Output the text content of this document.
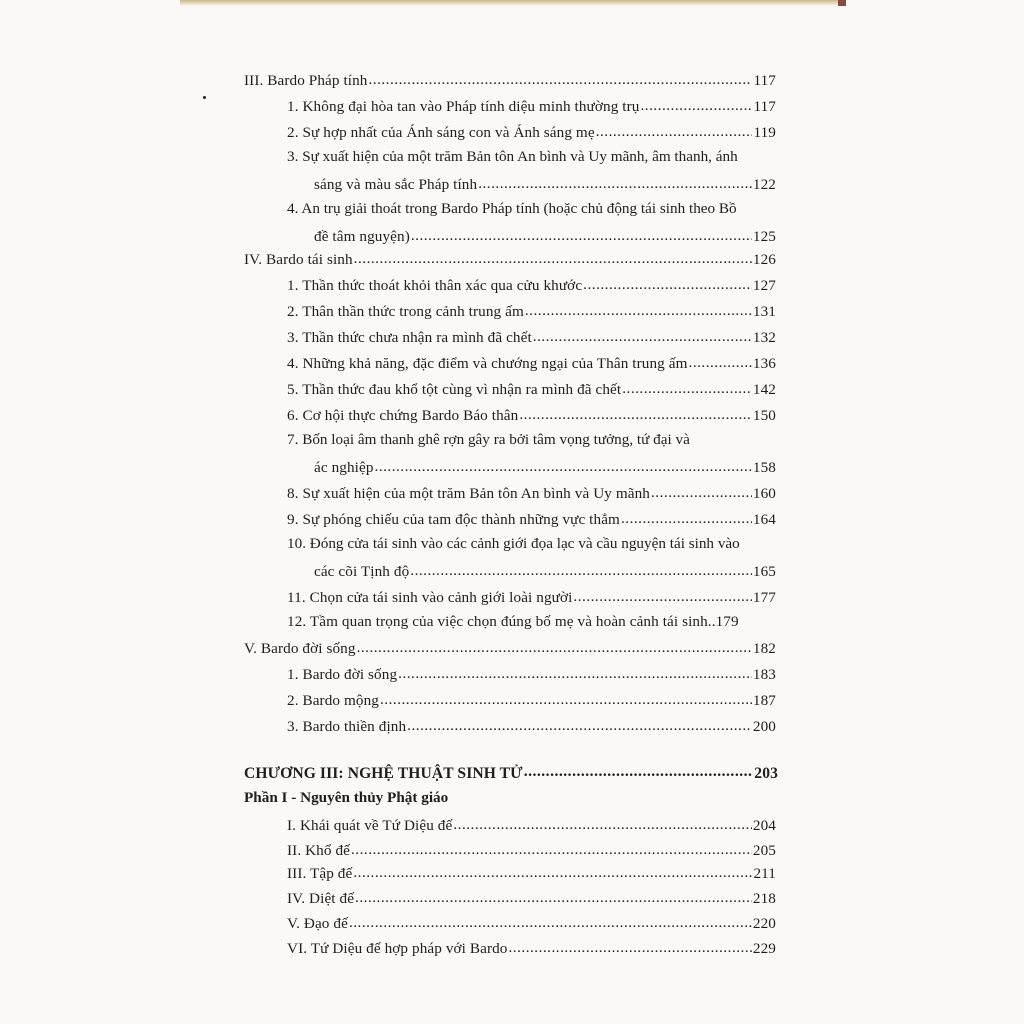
III. Bardo Pháp tính .....	117
1. Không đại hòa tan vào Pháp tính diệu minh thường trụ .....	117
2. Sự hợp nhất của Ánh sáng con và Ánh sáng mẹ .....	119
3. Sự xuất hiện của một trăm Bản tôn An bình và Uy mãnh, âm thanh, ánh
sáng và màu sắc Pháp tính .....	122
4. An trụ giải thoát trong Bardo Pháp tính (hoặc chủ động tái sinh theo Bồ
đề tâm nguyện) .....	125
IV. Bardo tái sinh .....	126
1. Thần thức thoát khỏi thân xác qua cửu khước .....	127
2. Thân thần thức trong cảnh trung ấm .....	131
3. Thần thức chưa nhận ra mình đã chết .....	132
4. Những khả năng, đặc điểm và chướng ngại của Thân trung ấm .....	136
5. Thần thức đau khổ tột cùng vì nhận ra mình đã chết .....	142
6. Cơ hội thực chứng Bardo Báo thân .....	150
7. Bốn loại âm thanh ghê rợn gây ra bởi tâm vọng tưởng, tứ đại và
ác nghiệp .....	158
8. Sự xuất hiện của một trăm Bản tôn An bình và Uy mãnh .....	160
9. Sự phóng chiếu của tam độc thành những vực thẳm .....	164
10. Đóng cửa tái sinh vào các cảnh giới đọa lạc và cầu nguyện tái sinh vào
các cõi Tịnh độ .....	165
11. Chọn cửa tái sinh vào cảnh giới loài người .....	177
12. Tầm quan trọng của việc chọn đúng bố mẹ và hoàn cảnh tái sinh.. 179
V. Bardo đời sống .....	182
1. Bardo đời sống .....	183
2. Bardo mộng .....	187
3. Bardo thiền định .....	200
CHƯƠNG III: NGHỆ THUẬT SINH TỬ .....	203
Phần I - Nguyên thủy Phật giáo
I. Khái quát về Tứ Diệu đế .....	204
II. Khổ đế .....	205
III. Tập đế .....	211
IV. Diệt đế .....	218
V. Đạo đế .....	220
VI. Tứ Diệu đế hợp pháp với Bardo .....	229
